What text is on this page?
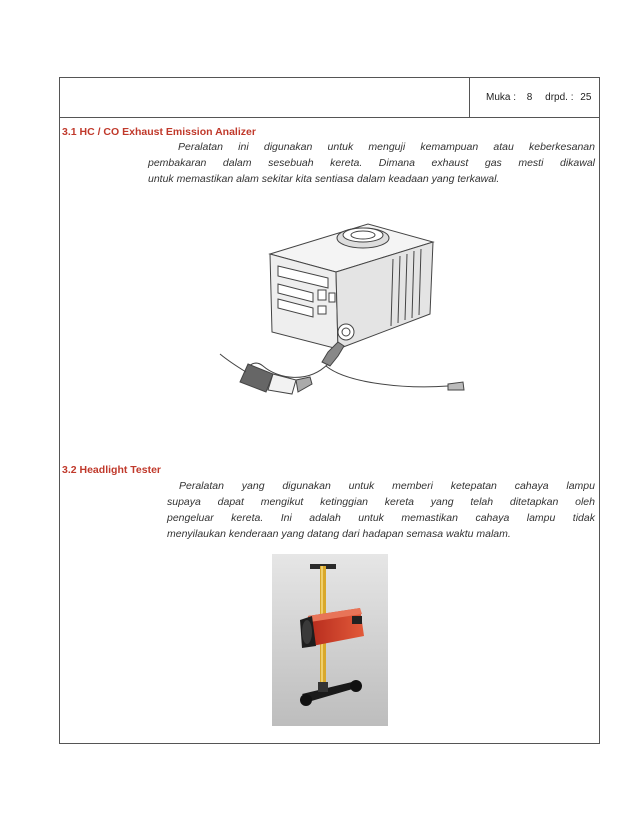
Muka : 8 drpd. : 25
3.1 HC / CO Exhaust Emission Analizer
Peralatan ini digunakan untuk menguji kemampuan atau keberkesanan
pembakaran dalam sesebuah kereta. Dimana exhaust gas mesti dikawal
untuk memastikan alam sekitar kita sentiasa dalam keadaan yang terkawal.
3.2 Headlight Tester
Peralatan yang digunakan untuk memberi ketepatan cahaya lampu
supaya dapat mengikut ketinggian kereta yang telah ditetapkan oleh
pengeluar kereta. Ini adalah untuk memastikan cahaya lampu tidak
menyilaukan kenderaan yang datang dari hadapan semasa waktu malam.
